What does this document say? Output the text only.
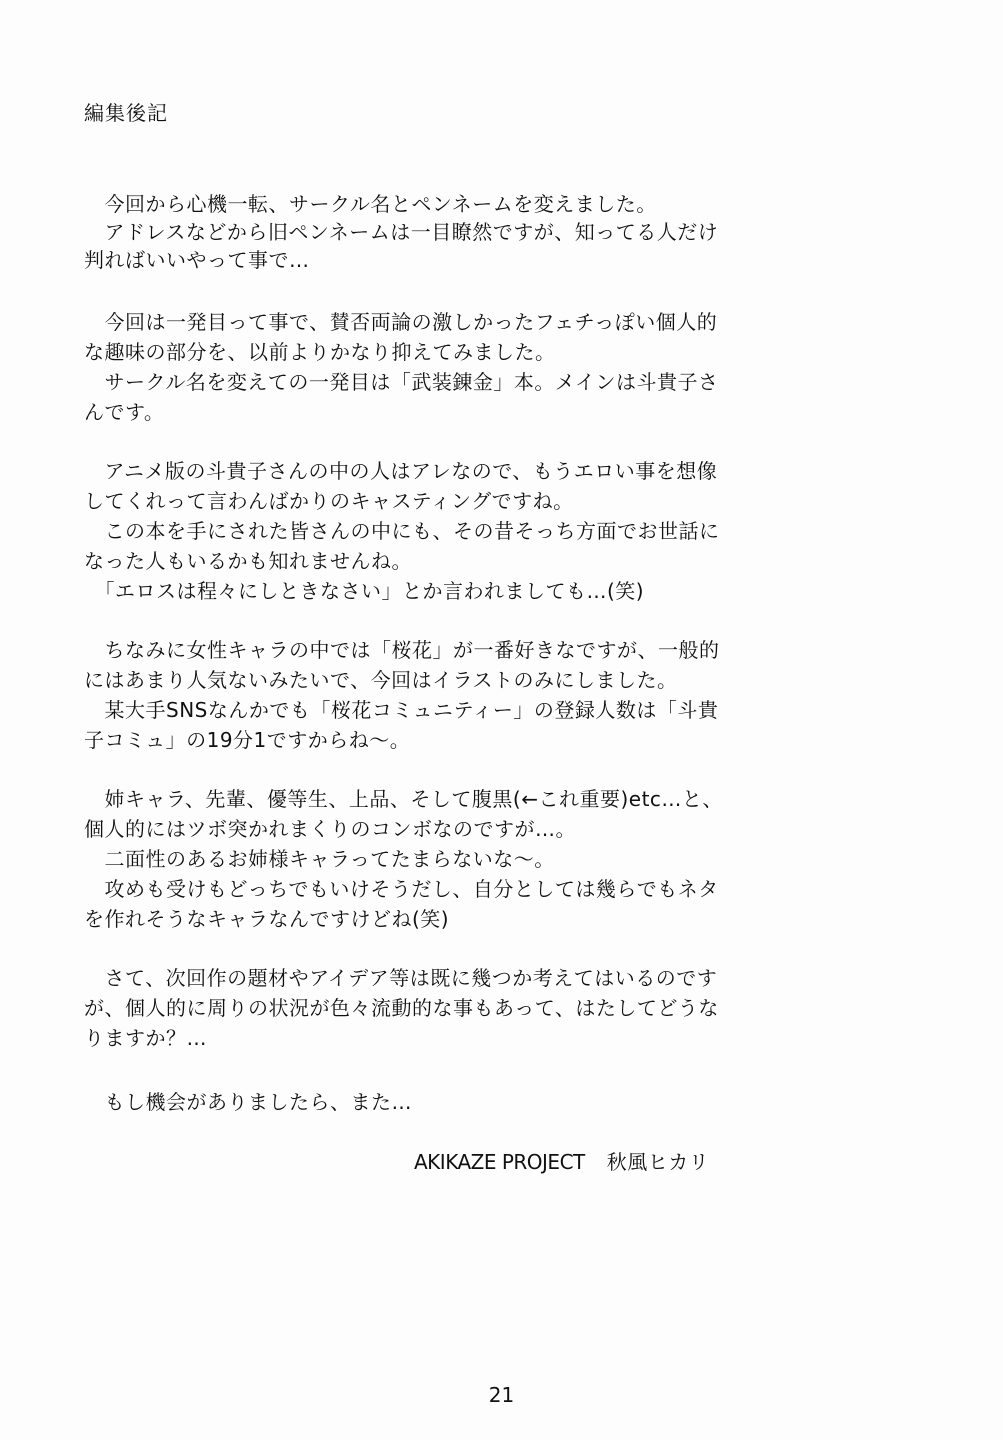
編集後記
　今回から心機一転、サークル名とペンネームを変えました。
　アドレスなどから旧ペンネームは一目瞭然ですが、知ってる人だけ
判ればいいやって事で…
　今回は一発目って事で、賛否両論の激しかったフェチっぽい個人的
な趣味の部分を、以前よりかなり抑えてみました。
　サークル名を変えての一発目は「武装錬金」本。メインは斗貴子さ
んです。
　アニメ版の斗貴子さんの中の人はアレなので、もうエロい事を想像
してくれって言わんばかりのキャスティングですね。
　この本を手にされた皆さんの中にも、その昔そっち方面でお世話に
なった人もいるかも知れませんね。
　「エロスは程々にしときなさい」とか言われましても…(笑)
　ちなみに女性キャラの中では「桜花」が一番好きなですが、一般的
にはあまり人気ないみたいで、今回はイラストのみにしました。
　某大手SNSなんかでも「桜花コミュニティー」の登録人数は「斗貴
子コミュ」の19分1ですからね～。
　姉キャラ、先輩、優等生、上品、そして腹黒(←これ重要)etc…と、
個人的にはツボ突かれまくりのコンボなのですが…。
　二面性のあるお姉様キャラってたまらないな～。
　攻めも受けもどっちでもいけそうだし、自分としては幾らでもネタ
を作れそうなキャラなんですけどね(笑)
　さて、次回作の題材やアイデア等は既に幾つか考えてはいるのです
が、個人的に周りの状況が色々流動的な事もあって、はたしてどうな
りますか？…
　もし機会がありましたら、また…
AKIKAZE PROJECT 秋風ヒカリ
21
